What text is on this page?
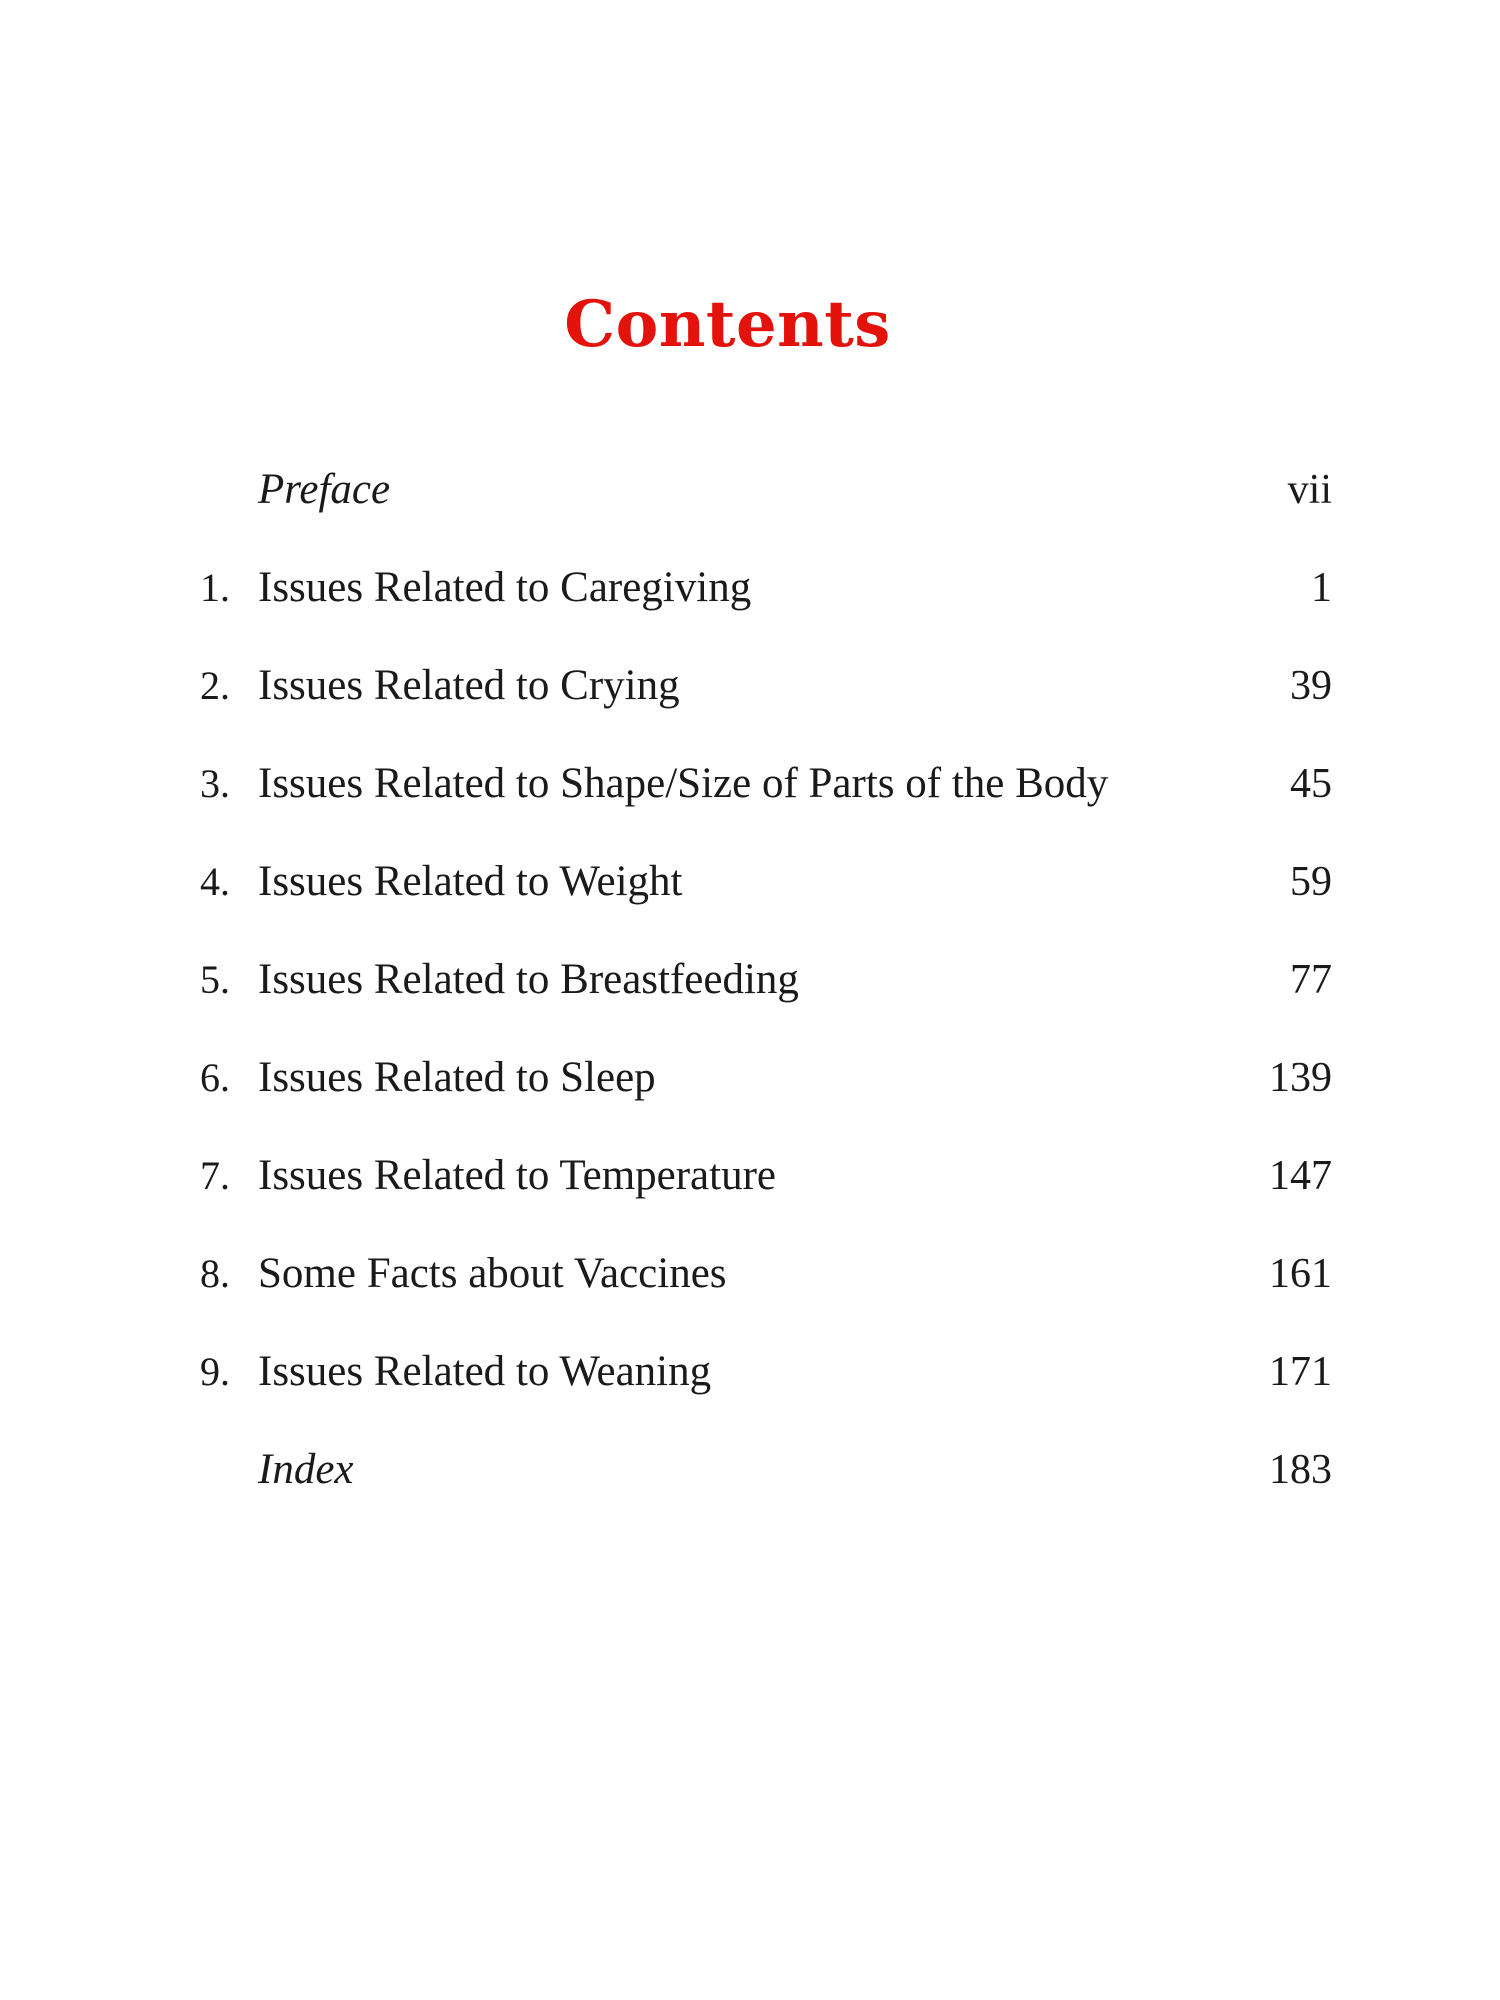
Contents
Preface	vii
1. Issues Related to Caregiving	1
2. Issues Related to Crying	39
3. Issues Related to Shape/Size of Parts of the Body	45
4. Issues Related to Weight	59
5. Issues Related to Breastfeeding	77
6. Issues Related to Sleep	139
7. Issues Related to Temperature	147
8. Some Facts about Vaccines	161
9. Issues Related to Weaning	171
Index	183
